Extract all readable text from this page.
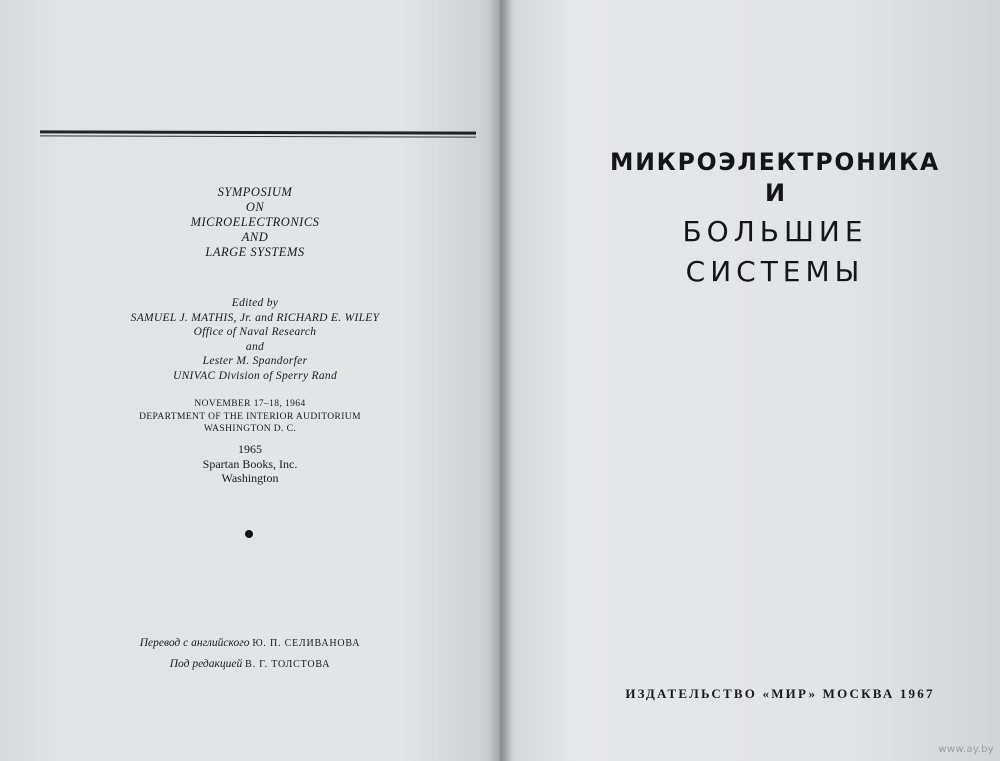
SYMPOSIUM
ON
MICROELECTRONICS
AND
LARGE SYSTEMS
Edited by
SAMUEL J. MATHIS, Jr. and RICHARD E. WILEY
Office of Naval Research
and
Lester M. Spandorfer
UNIVAC Division of Sperry Rand
NOVEMBER 17–18, 1964
DEPARTMENT OF THE INTERIOR AUDITORIUM
WASHINGTON D. C.
1965
Spartan Books, Inc.
Washington
Перевод с английского Ю. П. СЕЛИВАНОВА
Под редакцией В. Г. ТОЛСТОВА
МИКРОЭЛЕКТРОНИКА
И
БОЛЬШИЕ
СИСТЕМЫ
ИЗДАТЕЛЬСТВО «МИР» МОСКВА 1967
www.ay.by
